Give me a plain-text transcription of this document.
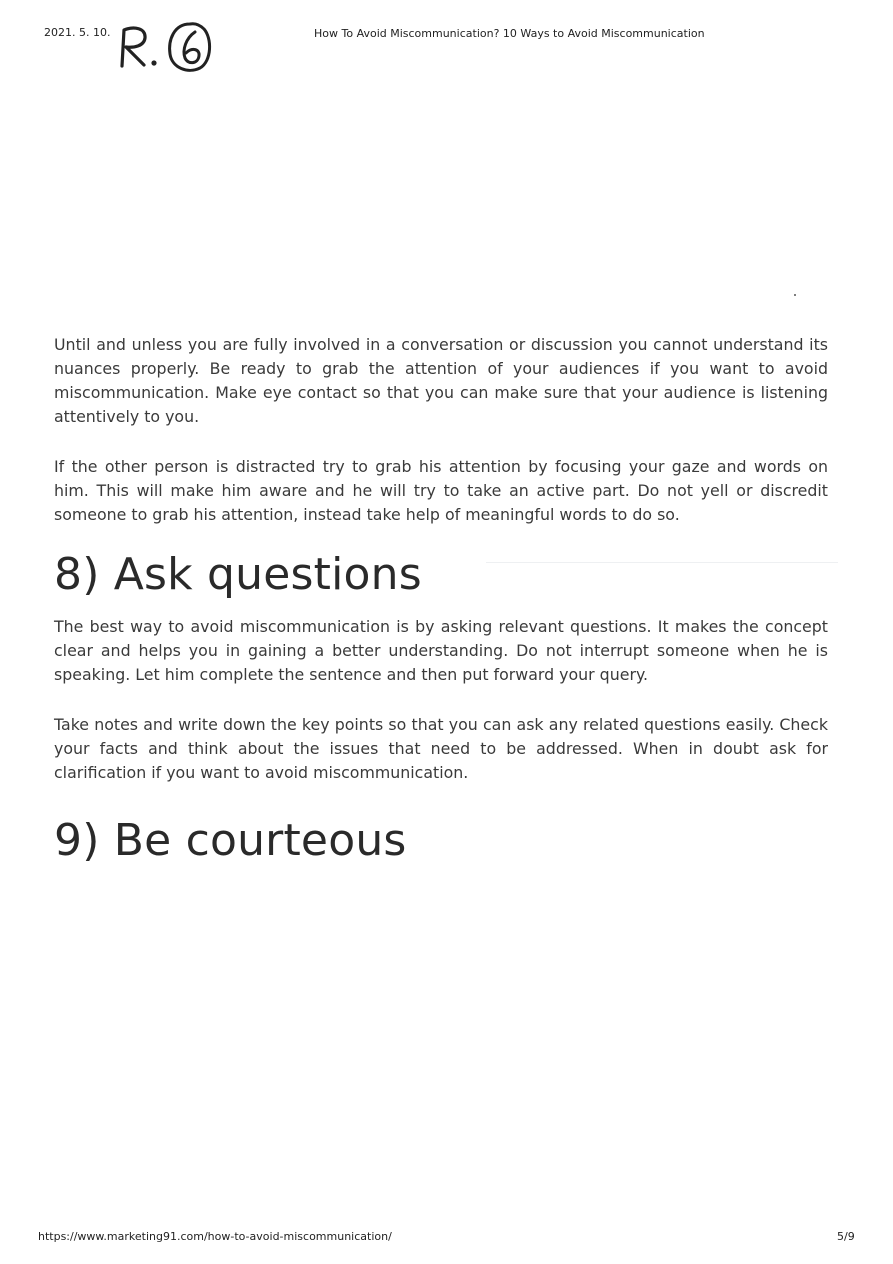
2021. 5. 10.	How To Avoid Miscommunication? 10 Ways to Avoid Miscommunication

Until and unless you are fully involved in a conversation or discussion you cannot understand its nuances properly. Be ready to grab the attention of your audiences if you want to avoid miscommunication. Make eye contact so that you can make sure that your audience is listening attentively to you.

If the other person is distracted try to grab his attention by focusing your gaze and words on him. This will make him aware and he will try to take an active part. Do not yell or discredit someone to grab his attention, instead take help of meaningful words to do so.

8) Ask questions

The best way to avoid miscommunication is by asking relevant questions. It makes the concept clear and helps you in gaining a better understanding. Do not interrupt someone when he is speaking. Let him complete the sentence and then put forward your query.

Take notes and write down the key points so that you can ask any related questions easily. Check your facts and think about the issues that need to be addressed. When in doubt ask for clarification if you want to avoid miscommunication.

9) Be courteous
https://www.marketing91.com/how-to-avoid-miscommunication/	5/9
